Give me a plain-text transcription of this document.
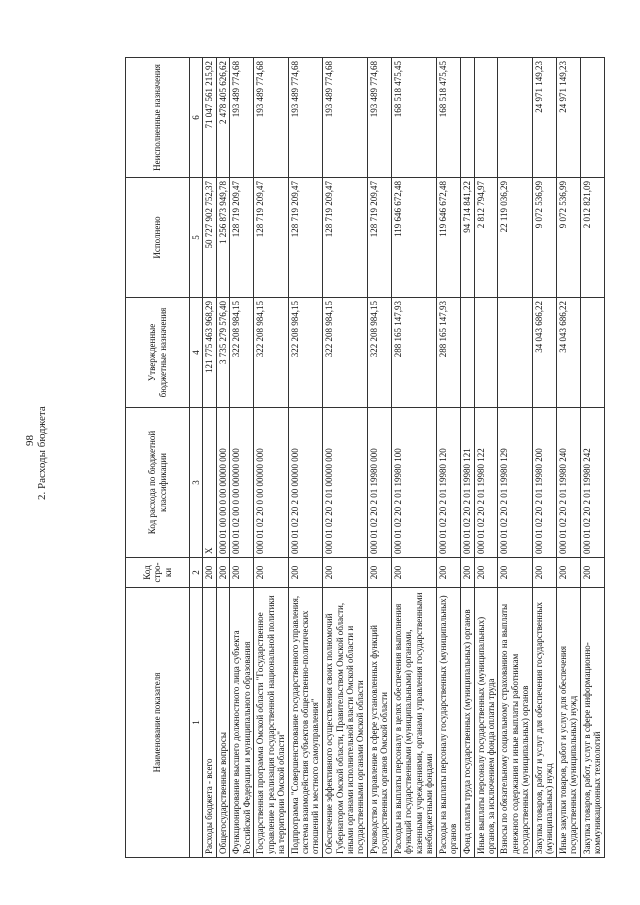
98 2. Расходы бюджета
Наименование показателя	Код стро- ки	Код расхода по бюджетной классификации	Утвержденные бюджетные назначения	Исполнено	Неисполненные назначения
1	2	3	4	5	6
Расходы бюджета - всего	200	X	121 775 463 968,29	50 727 902 752,37	71 047 561 215,92
Общегосударственные вопросы	200	000 01 00 00 0 00 00000 000	3 735 279 576,40	1 256 873 949,78	2 478 405 626,62
Функционирование высшего должностного лица субъекта Российской Федерации и муниципального образования	200	000 01 02 00 0 00 00000 000	322 208 984,15	128 719 209,47	193 489 774,68
Государственная программа Омской области "Государственное управление и реализация государственной национальной политики на территории Омской области"	200	000 01 02 20 0 00 00000 000	322 208 984,15	128 719 209,47	193 489 774,68
Подпрограмма "Совершенствование государственного управления, система взаимодействия субъектов общественно-политических отношений и местного самоуправления"	200	000 01 02 20 2 00 00000 000	322 208 984,15	128 719 209,47	193 489 774,68
Обеспечение эффективного осуществления своих полномочий Губернатором Омской области, Правительством Омской области, иными органами исполнительной власти Омской области и государственными органами Омской области	200	000 01 02 20 2 01 00000 000	322 208 984,15	128 719 209,47	193 489 774,68
Руководство и управление в сфере установленных функций государственных органов Омской области	200	000 01 02 20 2 01 19980 000	322 208 984,15	128 719 209,47	193 489 774,68
Расходы на выплаты персоналу в целях обеспечения выполнения функций государственными (муниципальными) органами, казенными учреждениями, органами управления государственными внебюджетными фондами	200	000 01 02 20 2 01 19980 100	288 165 147,93	119 646 672,48	168 518 475,45
Расходы на выплаты персоналу государственных (муниципальных) органов	200	000 01 02 20 2 01 19980 120	288 165 147,93	119 646 672,48	168 518 475,45
Фонд оплаты труда государственных (муниципальных) органов	200	000 01 02 20 2 01 19980 121		94 714 841,22	
Иные выплаты персоналу государственных (муниципальных) органов, за исключением фонда оплаты труда	200	000 01 02 20 2 01 19980 122		2 812 794,97	
Взносы по обязательному социальному страхованию на выплаты денежного содержания и иные выплаты работникам государственных (муниципальных) органов	200	000 01 02 20 2 01 19980 129		22 119 036,29	
Закупка товаров, работ и услуг для обеспечения государственных (муниципальных) нужд	200	000 01 02 20 2 01 19980 200	34 043 686,22	9 072 536,99	24 971 149,23
Иные закупки товаров, работ и услуг для обеспечения государственных (муниципальных) нужд	200	000 01 02 20 2 01 19980 240	34 043 686,22	9 072 536,99	24 971 149,23
Закупка товаров, работ, услуг в сфере информационно-коммуникационных технологий	200	000 01 02 20 2 01 19980 242		2 012 821,09	
